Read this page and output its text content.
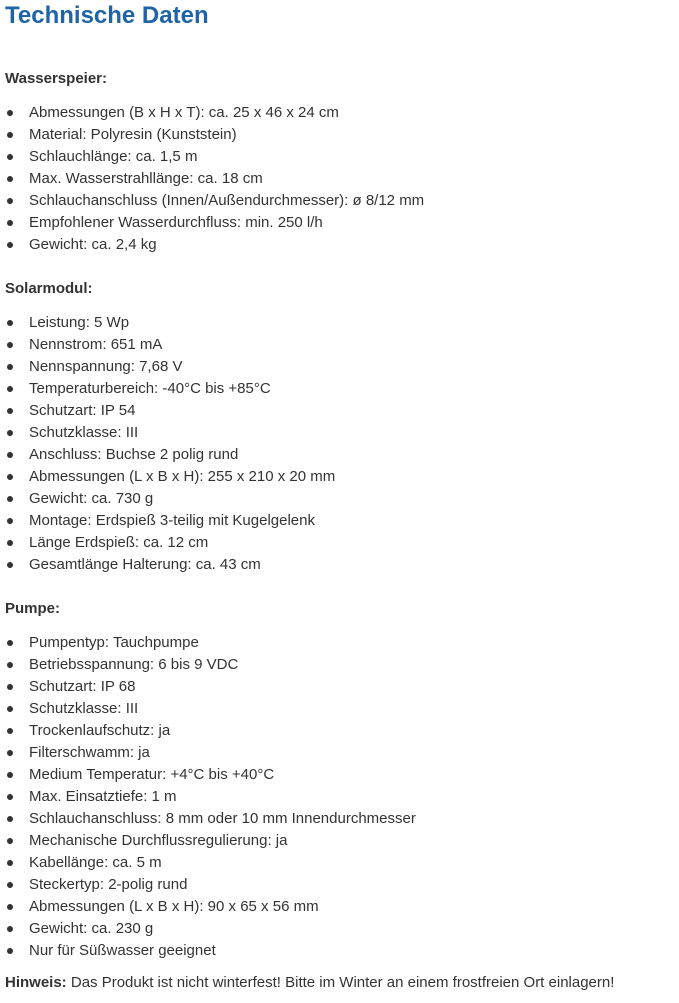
Technische Daten
Wasserspeier:
Abmessungen (B x H x T): ca. 25 x 46 x 24 cm
Material: Polyresin (Kunststein)
Schlauchlänge: ca. 1,5 m
Max. Wasserstrahllänge: ca. 18 cm
Schlauchanschluss (Innen/Außendurchmesser): ø 8/12 mm
Empfohlener Wasserdurchfluss: min. 250 l/h
Gewicht: ca. 2,4 kg
Solarmodul:
Leistung: 5 Wp
Nennstrom: 651 mA
Nennspannung: 7,68 V
Temperaturbereich: -40°C bis +85°C
Schutzart: IP 54
Schutzklasse: III
Anschluss: Buchse 2 polig rund
Abmessungen (L x B x H): 255 x 210 x 20 mm
Gewicht: ca. 730 g
Montage: Erdspieß 3-teilig mit Kugelgelenk
Länge Erdspieß: ca. 12 cm
Gesamtlänge Halterung: ca. 43 cm
Pumpe:
Pumpentyp: Tauchpumpe
Betriebsspannung: 6 bis 9 VDC
Schutzart: IP 68
Schutzklasse: III
Trockenlaufschutz: ja
Filterschwamm: ja
Medium Temperatur: +4°C bis +40°C
Max. Einsatztiefe: 1 m
Schlauchanschluss: 8 mm oder 10 mm Innendurchmesser
Mechanische Durchflussregulierung: ja
Kabellänge: ca. 5 m
Steckertyp: 2-polig rund
Abmessungen (L x B x H): 90 x 65 x 56 mm
Gewicht: ca. 230 g
Nur für Süßwasser geeignet

Hinweis: Das Produkt ist nicht winterfest! Bitte im Winter an einem frostfreien Ort einlagern!
